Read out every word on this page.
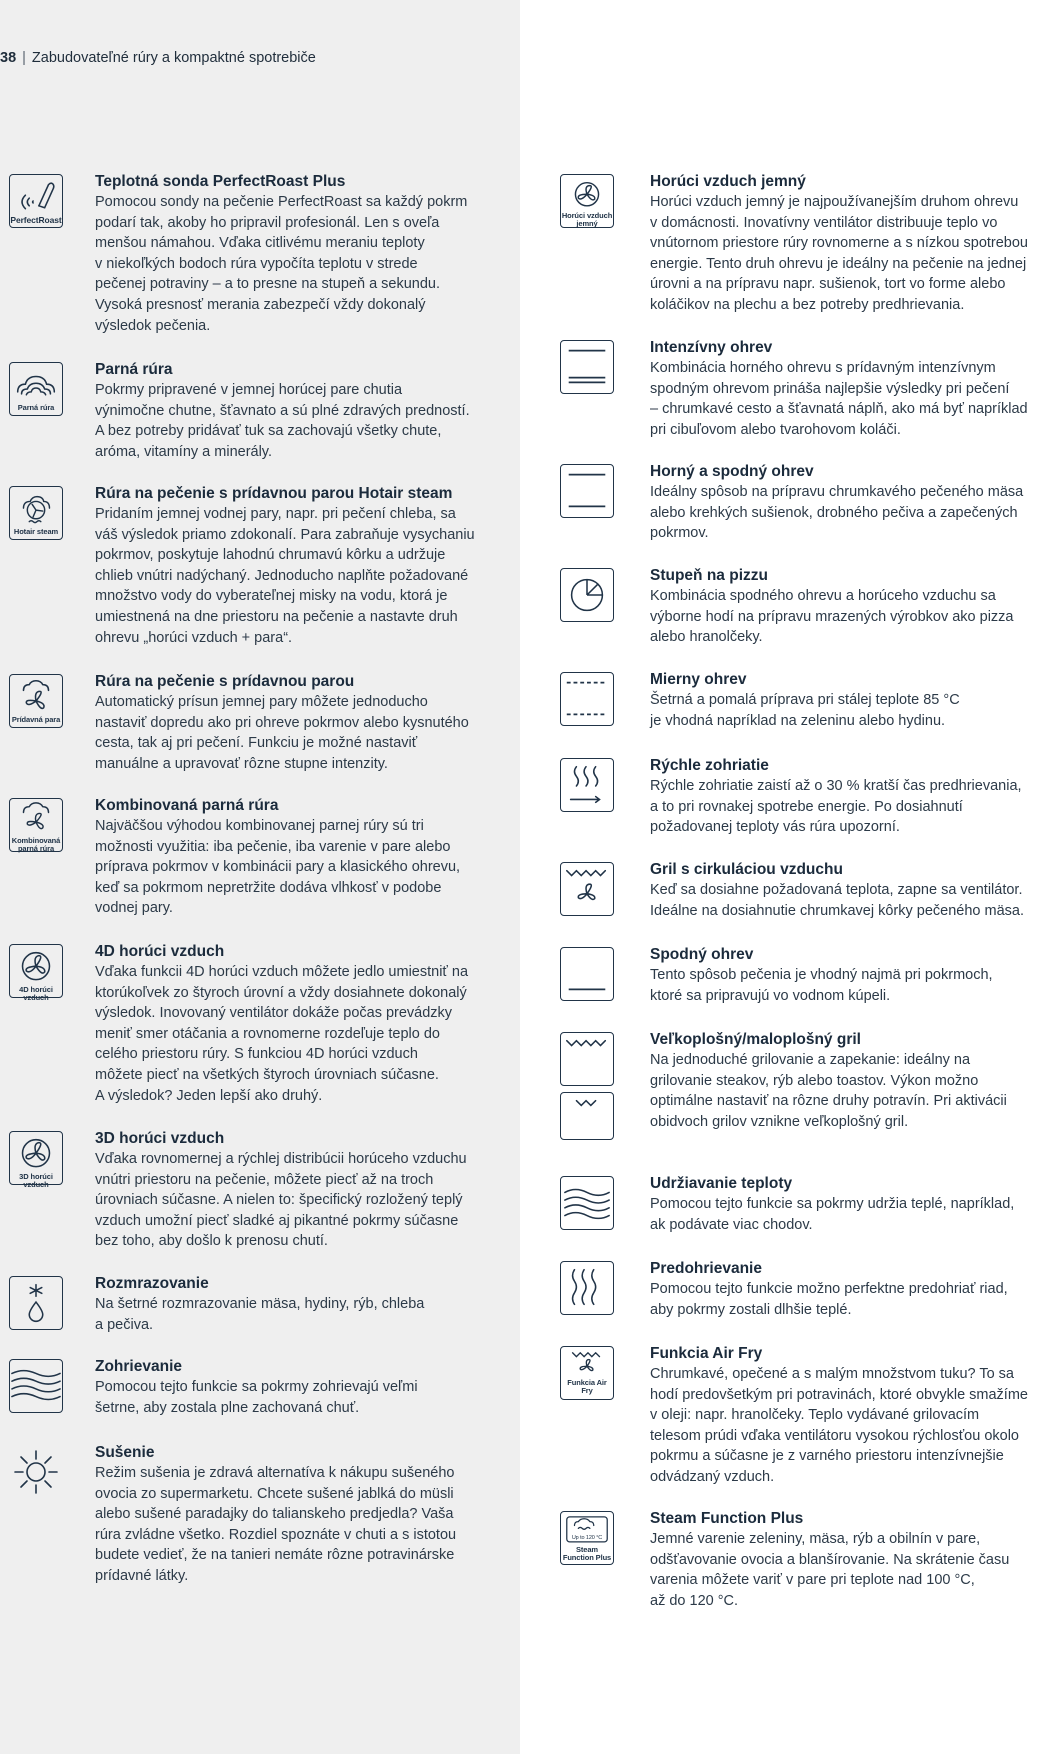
38 | Zabudovateľné rúry a kompaktné spotrebiče
PerfectRoast

Teplotná sonda PerfectRoast Plus

Pomocou sondy na pečenie PerfectRoast sa každý pokrm
podarí tak, akoby ho pripravil profesionál. Len s oveľa
menšou námahou. Vďaka citlivému meraniu teploty
v niekoľkých bodoch rúra vypočíta teplotu v strede
pečenej potraviny – a to presne na stupeň a sekundu.
Vysoká presnosť merania zabezpečí vždy dokonalý
výsledok pečenia.

Parná rúra

Parná rúra

Pokrmy pripravené v jemnej horúcej pare chutia
výnimočne chutne, šťavnato a sú plné zdravých predností.
A bez potreby pridávať tuk sa zachovajú všetky chute,
aróma, vitamíny a minerály.

Hotair steam

Rúra na pečenie s prídavnou parou Hotair steam

Pridaním jemnej vodnej pary, napr. pri pečení chleba, sa
váš výsledok priamo zdokonalí. Para zabraňuje vysychaniu
pokrmov, poskytuje lahodnú chrumavú kôrku a udržuje
chlieb vnútri nadýchaný. Jednoducho naplňte požadované
množstvo vody do vyberateľnej misky na vodu, ktorá je
umiestnená na dne priestoru na pečenie a nastavte druh
ohrevu „horúci vzduch + para“.

Prídavná para

Rúra na pečenie s prídavnou parou

Automatický prísun jemnej pary môžete jednoducho
nastaviť dopredu ako pri ohreve pokrmov alebo kysnutého
cesta, tak aj pri pečení. Funkciu je možné nastaviť
manuálne a upravovať rôzne stupne intenzity.

Kombinovaná parná rúra

Kombinovaná parná rúra

Najväčšou výhodou kombinovanej parnej rúry sú tri
možnosti využitia: iba pečenie, iba varenie v pare alebo
príprava pokrmov v kombinácii pary a klasického ohrevu,
keď sa pokrmom nepretržite dodáva vlhkosť v podobe
vodnej pary.

4D horúci vzduch

4D horúci vzduch

Vďaka funkcii 4D horúci vzduch môžete jedlo umiestniť na
ktorúkoľvek zo štyroch úrovní a vždy dosiahnete dokonalý
výsledok. Inovovaný ventilátor dokáže počas prevádzky
meniť smer otáčania a rovnomerne rozdeľuje teplo do
celého priestoru rúry. S funkciou 4D horúci vzduch
môžete piecť na všetkých štyroch úrovniach súčasne.
A výsledok? Jeden lepší ako druhý.

3D horúci vzduch

3D horúci vzduch

Vďaka rovnomernej a rýchlej distribúcii horúceho vzduchu
vnútri priestoru na pečenie, môžete piecť až na troch
úrovniach súčasne. A nielen to: špecifický rozložený teplý
vzduch umožní piecť sladké aj pikantné pokrmy súčasne
bez toho, aby došlo k prenosu chutí.

Rozmrazovanie

Na šetrné rozmrazovanie mäsa, hydiny, rýb, chleba
a pečiva.

Zohrievanie

Pomocou tejto funkcie sa pokrmy zohrievajú veľmi
šetrne, aby zostala plne zachovaná chuť.

Sušenie

Režim sušenia je zdravá alternatíva k nákupu sušeného
ovocia zo supermarketu. Chcete sušené jablká do müsli
alebo sušené paradajky do talianskeho predjedla? Vaša
rúra zvládne všetko. Rozdiel spoznáte v chuti a s istotou
budete vedieť, že na tanieri nemáte rôzne potravinárske
prídavné látky.

Horúci vzduch jemný

Horúci vzduch jemný

Horúci vzduch jemný je najpoužívanejším druhom ohrevu
v domácnosti. Inovatívny ventilátor distribuuje teplo vo
vnútornom priestore rúry rovnomerne a s nízkou spotrebou
energie. Tento druh ohrevu je ideálny na pečenie na jednej
úrovni a na prípravu napr. sušienok, tort vo forme alebo
koláčikov na plechu a bez potreby predhrievania.

Intenzívny ohrev

Kombinácia horného ohrevu s prídavným intenzívnym
spodným ohrevom prináša najlepšie výsledky pri pečení
– chrumkavé cesto a šťavnatá náplň, ako má byť napríklad
pri cibuľovom alebo tvarohovom koláči.

Horný a spodný ohrev

Ideálny spôsob na prípravu chrumkavého pečeného mäsa
alebo krehkých sušienok, drobného pečiva a zapečených
pokrmov.

Stupeň na pizzu

Kombinácia spodného ohrevu a horúceho vzduchu sa
výborne hodí na prípravu mrazených výrobkov ako pizza
alebo hranolčeky.

Mierny ohrev

Šetrná a pomalá príprava pri stálej teplote 85 °C
je vhodná napríklad na zeleninu alebo hydinu.

Rýchle zohriatie

Rýchle zohriatie zaistí až o 30 % kratší čas predhrievania,
a to pri rovnakej spotrebe energie. Po dosiahnutí
požadovanej teploty vás rúra upozorní.

Gril s cirkuláciou vzduchu

Keď sa dosiahne požadovaná teplota, zapne sa ventilátor.
Ideálne na dosiahnutie chrumkavej kôrky pečeného mäsa.

Spodný ohrev

Tento spôsob pečenia je vhodný najmä pri pokrmoch,
ktoré sa pripravujú vo vodnom kúpeli.

Veľkoplošný/maloplošný gril

Na jednoduché grilovanie a zapekanie: ideálny na
grilovanie steakov, rýb alebo toastov. Výkon možno
optimálne nastaviť na rôzne druhy potravín. Pri aktivácii
obidvoch grilov vznikne veľkoplošný gril.

Udržiavanie teploty

Pomocou tejto funkcie sa pokrmy udržia teplé, napríklad,
ak podávate viac chodov.

Predohrievanie

Pomocou tejto funkcie možno perfektne predohriať riad,
aby pokrmy zostali dlhšie teplé.

Funkcia Air Fry

Funkcia Air Fry

Chrumkavé, opečené a s malým množstvom tuku? To sa
hodí predovšetkým pri potravinách, ktoré obvykle smažíme
v oleji: napr. hranolčeky. Teplo vydávané grilovacím
telesom prúdi vďaka ventilátoru vysokou rýchlosťou okolo
pokrmu a súčasne je z varného priestoru intenzívnejšie
odvádzaný vzduch.

Up to 120 °C
Steam Function Plus

Steam Function Plus

Jemné varenie zeleniny, mäsa, rýb a obilnín v pare,
odšťavovanie ovocia a blanšírovanie. Na skrátenie času
varenia môžete variť v pare pri teplote nad 100 °C,
až do 120 °C.
